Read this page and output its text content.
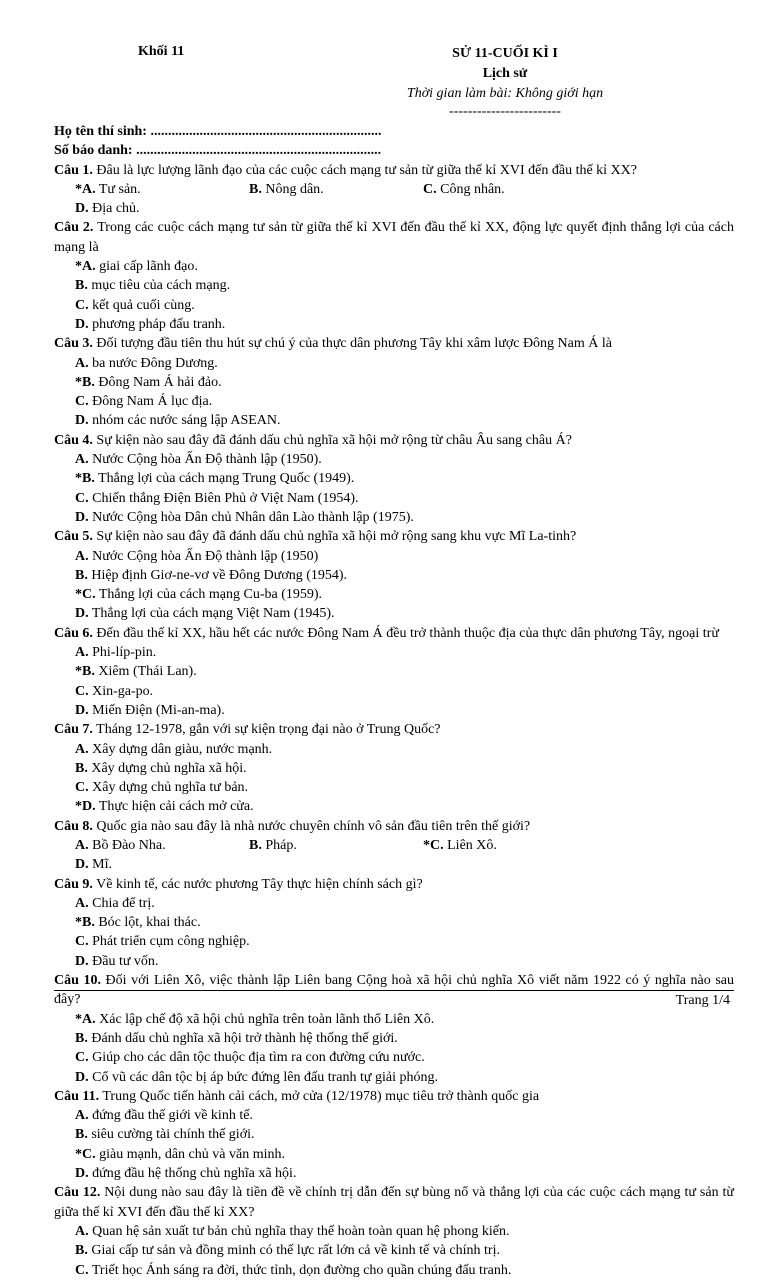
Khối 11	SỬ 11-CUỐI KÌ I
Lịch sử
Thời gian làm bài: Không giới hạn
------------------------
Họ tên thí sinh: ..................................................................
Số báo danh: ......................................................................

Câu 1. Đâu là lực lượng lãnh đạo của các cuộc cách mạng tư sản từ giữa thế kỉ XVI đến đầu thế kỉ XX?

*A. Tư sản.	B. Nông dân.	C. Công nhân.
D. Địa chủ.

Câu 2. Trong các cuộc cách mạng tư sản từ giữa thế kỉ XVI đến đầu thế kỉ XX, động lực quyết định thắng lợi của cách mạng là

*A. giai cấp lãnh đạo.
B. mục tiêu của cách mạng.
C. kết quả cuối cùng.
D. phương pháp đấu tranh.

Câu 3. Đối tượng đầu tiên thu hút sự chú ý của thực dân phương Tây khi xâm lược Đông Nam Á là

A. ba nước Đông Dương.
*B. Đông Nam Á hải đảo.
C. Đông Nam Á lục địa.
D. nhóm các nước sáng lập ASEAN.

Câu 4. Sự kiện nào sau đây đã đánh dấu chủ nghĩa xã hội mở rộng từ châu Âu sang châu Á?

A. Nước Cộng hòa Ấn Độ thành lập (1950).
*B. Thắng lợi của cách mạng Trung Quốc (1949).
C. Chiến thắng Điện Biên Phủ ở Việt Nam (1954).
D. Nước Cộng hòa Dân chủ Nhân dân Lào thành lập (1975).

Câu 5. Sự kiện nào sau đây đã đánh dấu chủ nghĩa xã hội mở rộng sang khu vực Mĩ La-tinh?

A. Nước Cộng hòa Ấn Độ thành lập (1950)
B. Hiệp định Giơ-ne-vơ về Đông Dương (1954).
*C. Thắng lợi của cách mạng Cu-ba (1959).
D. Thắng lợi của cách mạng Việt Nam (1945).

Câu 6. Đến đầu thế kỉ XX, hầu hết các nước Đông Nam Á đều trở thành thuộc địa của thực dân phương Tây, ngoại trừ

A. Phi-líp-pin.
*B. Xiêm (Thái Lan).
C. Xin-ga-po.
D. Miến Điện (Mi-an-ma).

Câu 7. Tháng 12-1978, gắn với sự kiện trọng đại nào ở Trung Quốc?

A. Xây dựng dân giàu, nước mạnh.
B. Xây dựng chủ nghĩa xã hội.
C. Xây dựng chủ nghĩa tư bản.
*D. Thực hiện cải cách mở cửa.

Câu 8. Quốc gia nào sau đây là nhà nước chuyên chính vô sản đầu tiên trên thế giới?

A. Bồ Đào Nha.	B. Pháp.	*C. Liên Xô.
D. Mĩ.

Câu 9. Về kinh tế, các nước phương Tây thực hiện chính sách gì?

A. Chia để trị.
*B. Bóc lột, khai thác.
C. Phát triển cụm công nghiệp.
D. Đầu tư vốn.

Câu 10. Đối với Liên Xô, việc thành lập Liên bang Cộng hoà xã hội chủ nghĩa Xô viết năm 1922 có ý nghĩa nào sau đây?

*A. Xác lập chế độ xã hội chủ nghĩa trên toàn lãnh thổ Liên Xô.
B. Đánh dấu chủ nghĩa xã hội trở thành hệ thống thế giới.
C. Giúp cho các dân tộc thuộc địa tìm ra con đường cứu nước.
D. Cổ vũ các dân tộc bị áp bức đứng lên đấu tranh tự giải phóng.

Câu 11. Trung Quốc tiến hành cải cách, mở cửa (12/1978) mục tiêu trở thành quốc gia

A. đứng đầu thế giới về kinh tế.
B. siêu cường tài chính thế giới.
*C. giàu mạnh, dân chủ và văn minh.
D. đứng đầu hệ thống chủ nghĩa xã hội.

Câu 12. Nội dung nào sau đây là tiền đề về chính trị dẫn đến sự bùng nổ và thắng lợi của các cuộc cách mạng tư sản từ giữa thế kỉ XVI đến đầu thế kỉ XX?

A. Quan hệ sản xuất tư bản chủ nghĩa thay thế hoàn toàn quan hệ phong kiến.
B. Giai cấp tư sản và đồng minh có thế lực rất lớn cả về kinh tế và chính trị.
C. Triết học Ánh sáng ra đời, thức tỉnh, dọn đường cho quần chúng đấu tranh.
Trang 1/4
